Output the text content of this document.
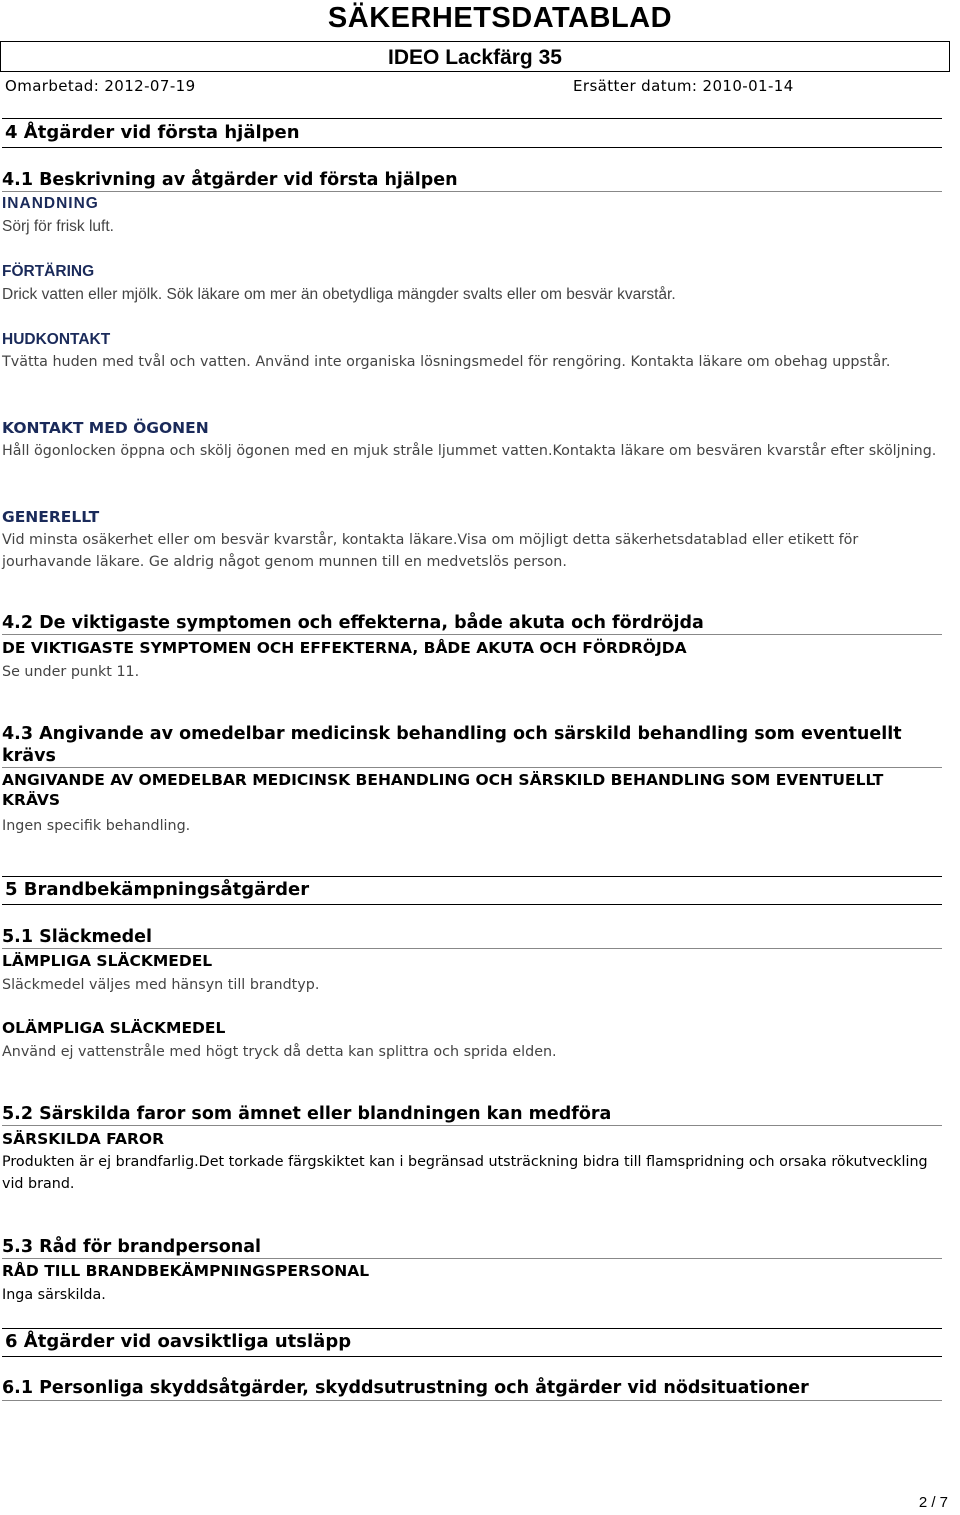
SÄKERHETSDATABLAD
IDEO Lackfärg 35
Omarbetad: 2012-07-19	Ersätter datum: 2010-01-14
4 Åtgärder vid första hjälpen
4.1 Beskrivning av åtgärder vid första hjälpen
INANDNING
Sörj för frisk luft.
FÖRTÄRING
Drick vatten eller mjölk. Sök läkare om mer än obetydliga mängder svalts eller om besvär kvarstår.
HUDKONTAKT
Tvätta huden med tvål och vatten. Använd inte organiska lösningsmedel för rengöring. Kontakta läkare om obehag uppstår.
KONTAKT MED ÖGONEN
Håll ögonlocken öppna och skölj ögonen med en mjuk stråle ljummet vatten.Kontakta läkare om besvären kvarstår efter sköljning.
GENERELLT
Vid minsta osäkerhet eller om besvär kvarstår, kontakta läkare.Visa om möjligt detta säkerhetsdatablad eller etikett för jourhavande läkare. Ge aldrig något genom munnen till en medvetslös person.
4.2 De viktigaste symptomen och effekterna, både akuta och fördröjda
DE VIKTIGASTE SYMPTOMEN OCH EFFEKTERNA, BÅDE AKUTA OCH FÖRDRÖJDA
Se under punkt 11.
4.3 Angivande av omedelbar medicinsk behandling och särskild behandling som eventuellt krävs
ANGIVANDE AV OMEDELBAR MEDICINSK BEHANDLING OCH SÄRSKILD BEHANDLING SOM EVENTUELLT KRÄVS
Ingen specifik behandling.
5 Brandbekämpningsåtgärder
5.1 Släckmedel
LÄMPLIGA SLÄCKMEDEL
Släckmedel väljes med hänsyn till brandtyp.
OLÄMPLIGA SLÄCKMEDEL
Använd ej vattenstråle med högt tryck då detta kan splittra och sprida elden.
5.2 Särskilda faror som ämnet eller blandningen kan medföra
SÄRSKILDA FAROR
Produkten är ej brandfarlig.Det torkade färgskiktet kan i begränsad utsträckning bidra till flamspridning och orsaka rökutveckling vid brand.
5.3 Råd för brandpersonal
RÅD TILL BRANDBEKÄMPNINGSPERSONAL
Inga särskilda.
6 Åtgärder vid oavsiktliga utsläpp
6.1 Personliga skyddsåtgärder, skyddsutrustning och åtgärder vid nödsituationer
2 / 7
